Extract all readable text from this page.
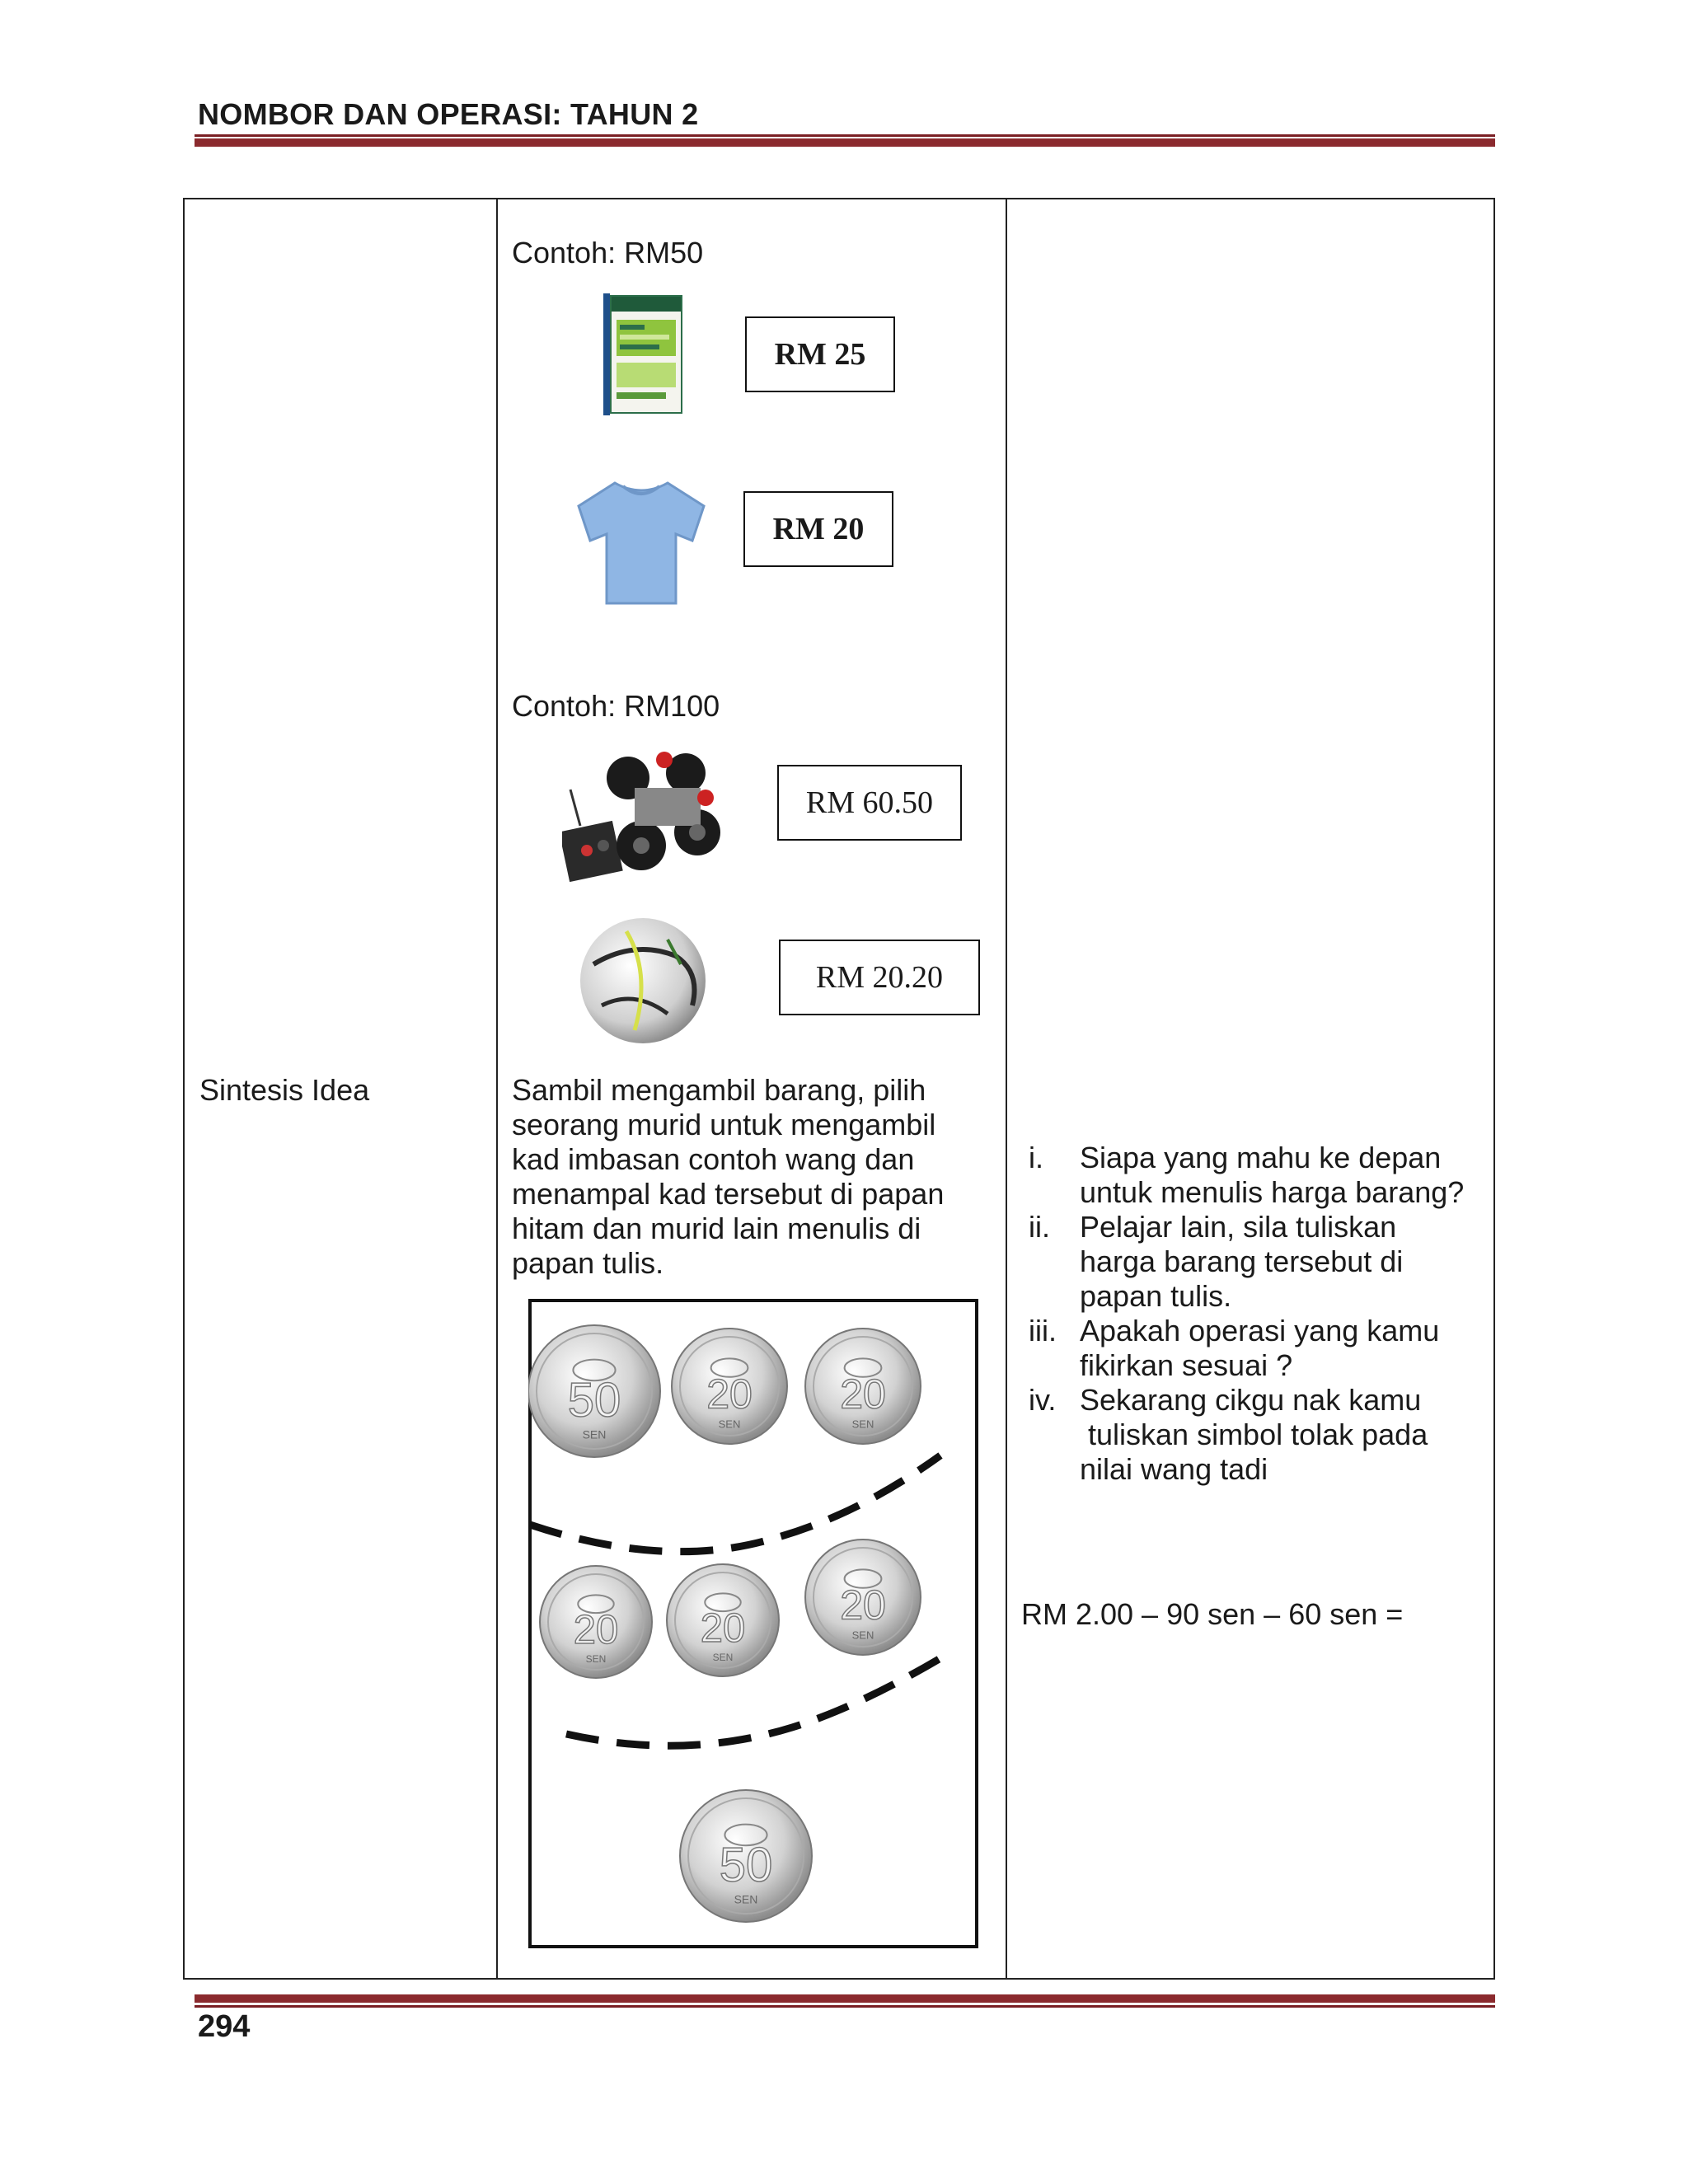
NOMBOR DAN OPERASI: TAHUN 2
Sintesis Idea
Contoh: RM50
RM 25
RM 20
Contoh: RM100
RM 60.50
RM 20.20
Sambil mengambil barang, pilih
seorang murid untuk mengambil
kad imbasan contoh wang dan
menampal kad tersebut di papan
hitam dan murid lain menulis di
papan tulis.
50
SEN
20
SEN
20
SEN
20
SEN
20
SEN
20
SEN
50
SEN
i. Siapa yang mahu ke depan
untuk menulis harga barang?
ii. Pelajar lain, sila tuliskan
harga barang tersebut di
papan tulis.
iii. Apakah operasi yang kamu
fikirkan sesuai ?
iv. Sekarang cikgu nak kamu
tuliskan simbol tolak pada
nilai wang tadi
RM 2.00 – 90 sen – 60 sen =
294
